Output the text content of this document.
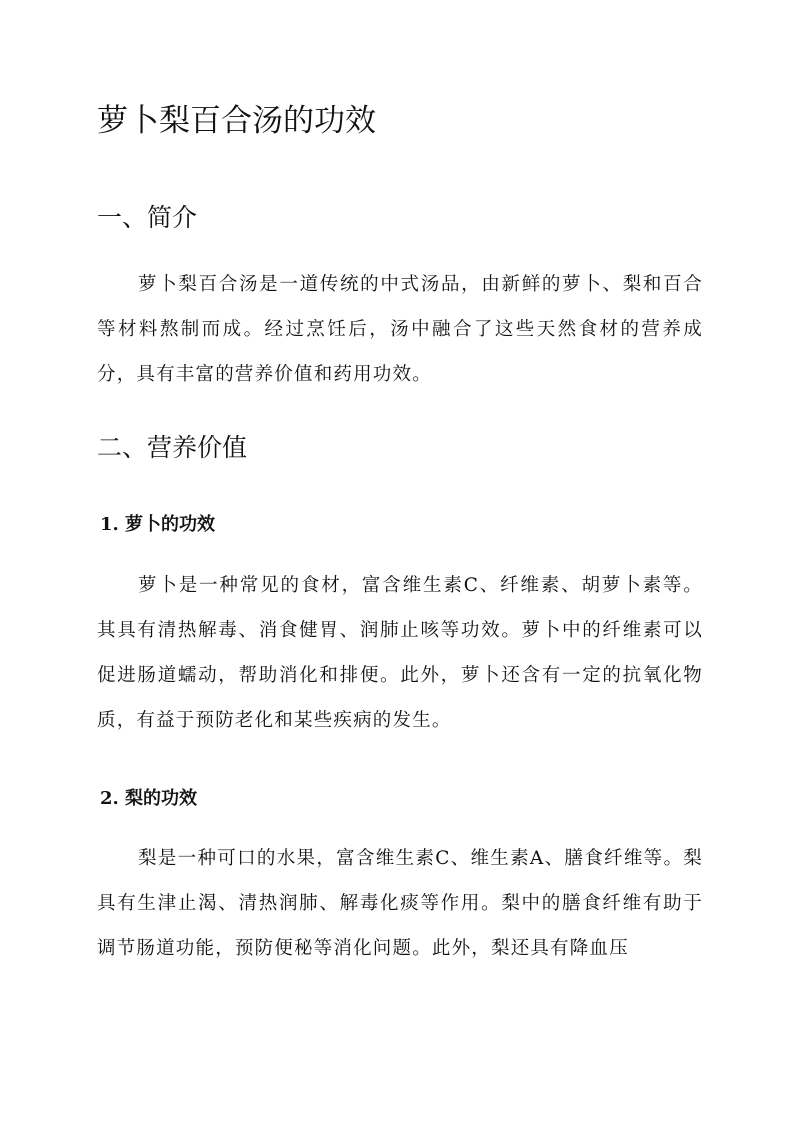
萝卜梨百合汤的功效
一、简介

萝卜梨百合汤是一道传统的中式汤品，由新鲜的萝卜、梨和百合等材料熬制而成。经过烹饪后，汤中融合了这些天然食材的营养成分，具有丰富的营养价值和药用功效。

二、营养价值
1. 萝卜的功效

萝卜是一种常见的食材，富含维生素C、纤维素、胡萝卜素等。其具有清热解毒、消食健胃、润肺止咳等功效。萝卜中的纤维素可以促进肠道蠕动，帮助消化和排便。此外，萝卜还含有一定的抗氧化物质，有益于预防老化和某些疾病的发生。

2. 梨的功效

梨是一种可口的水果，富含维生素C、维生素A、膳食纤维等。梨具有生津止渴、清热润肺、解毒化痰等作用。梨中的膳食纤维有助于调节肠道功能，预防便秘等消化问题。此外，梨还具有降血压
